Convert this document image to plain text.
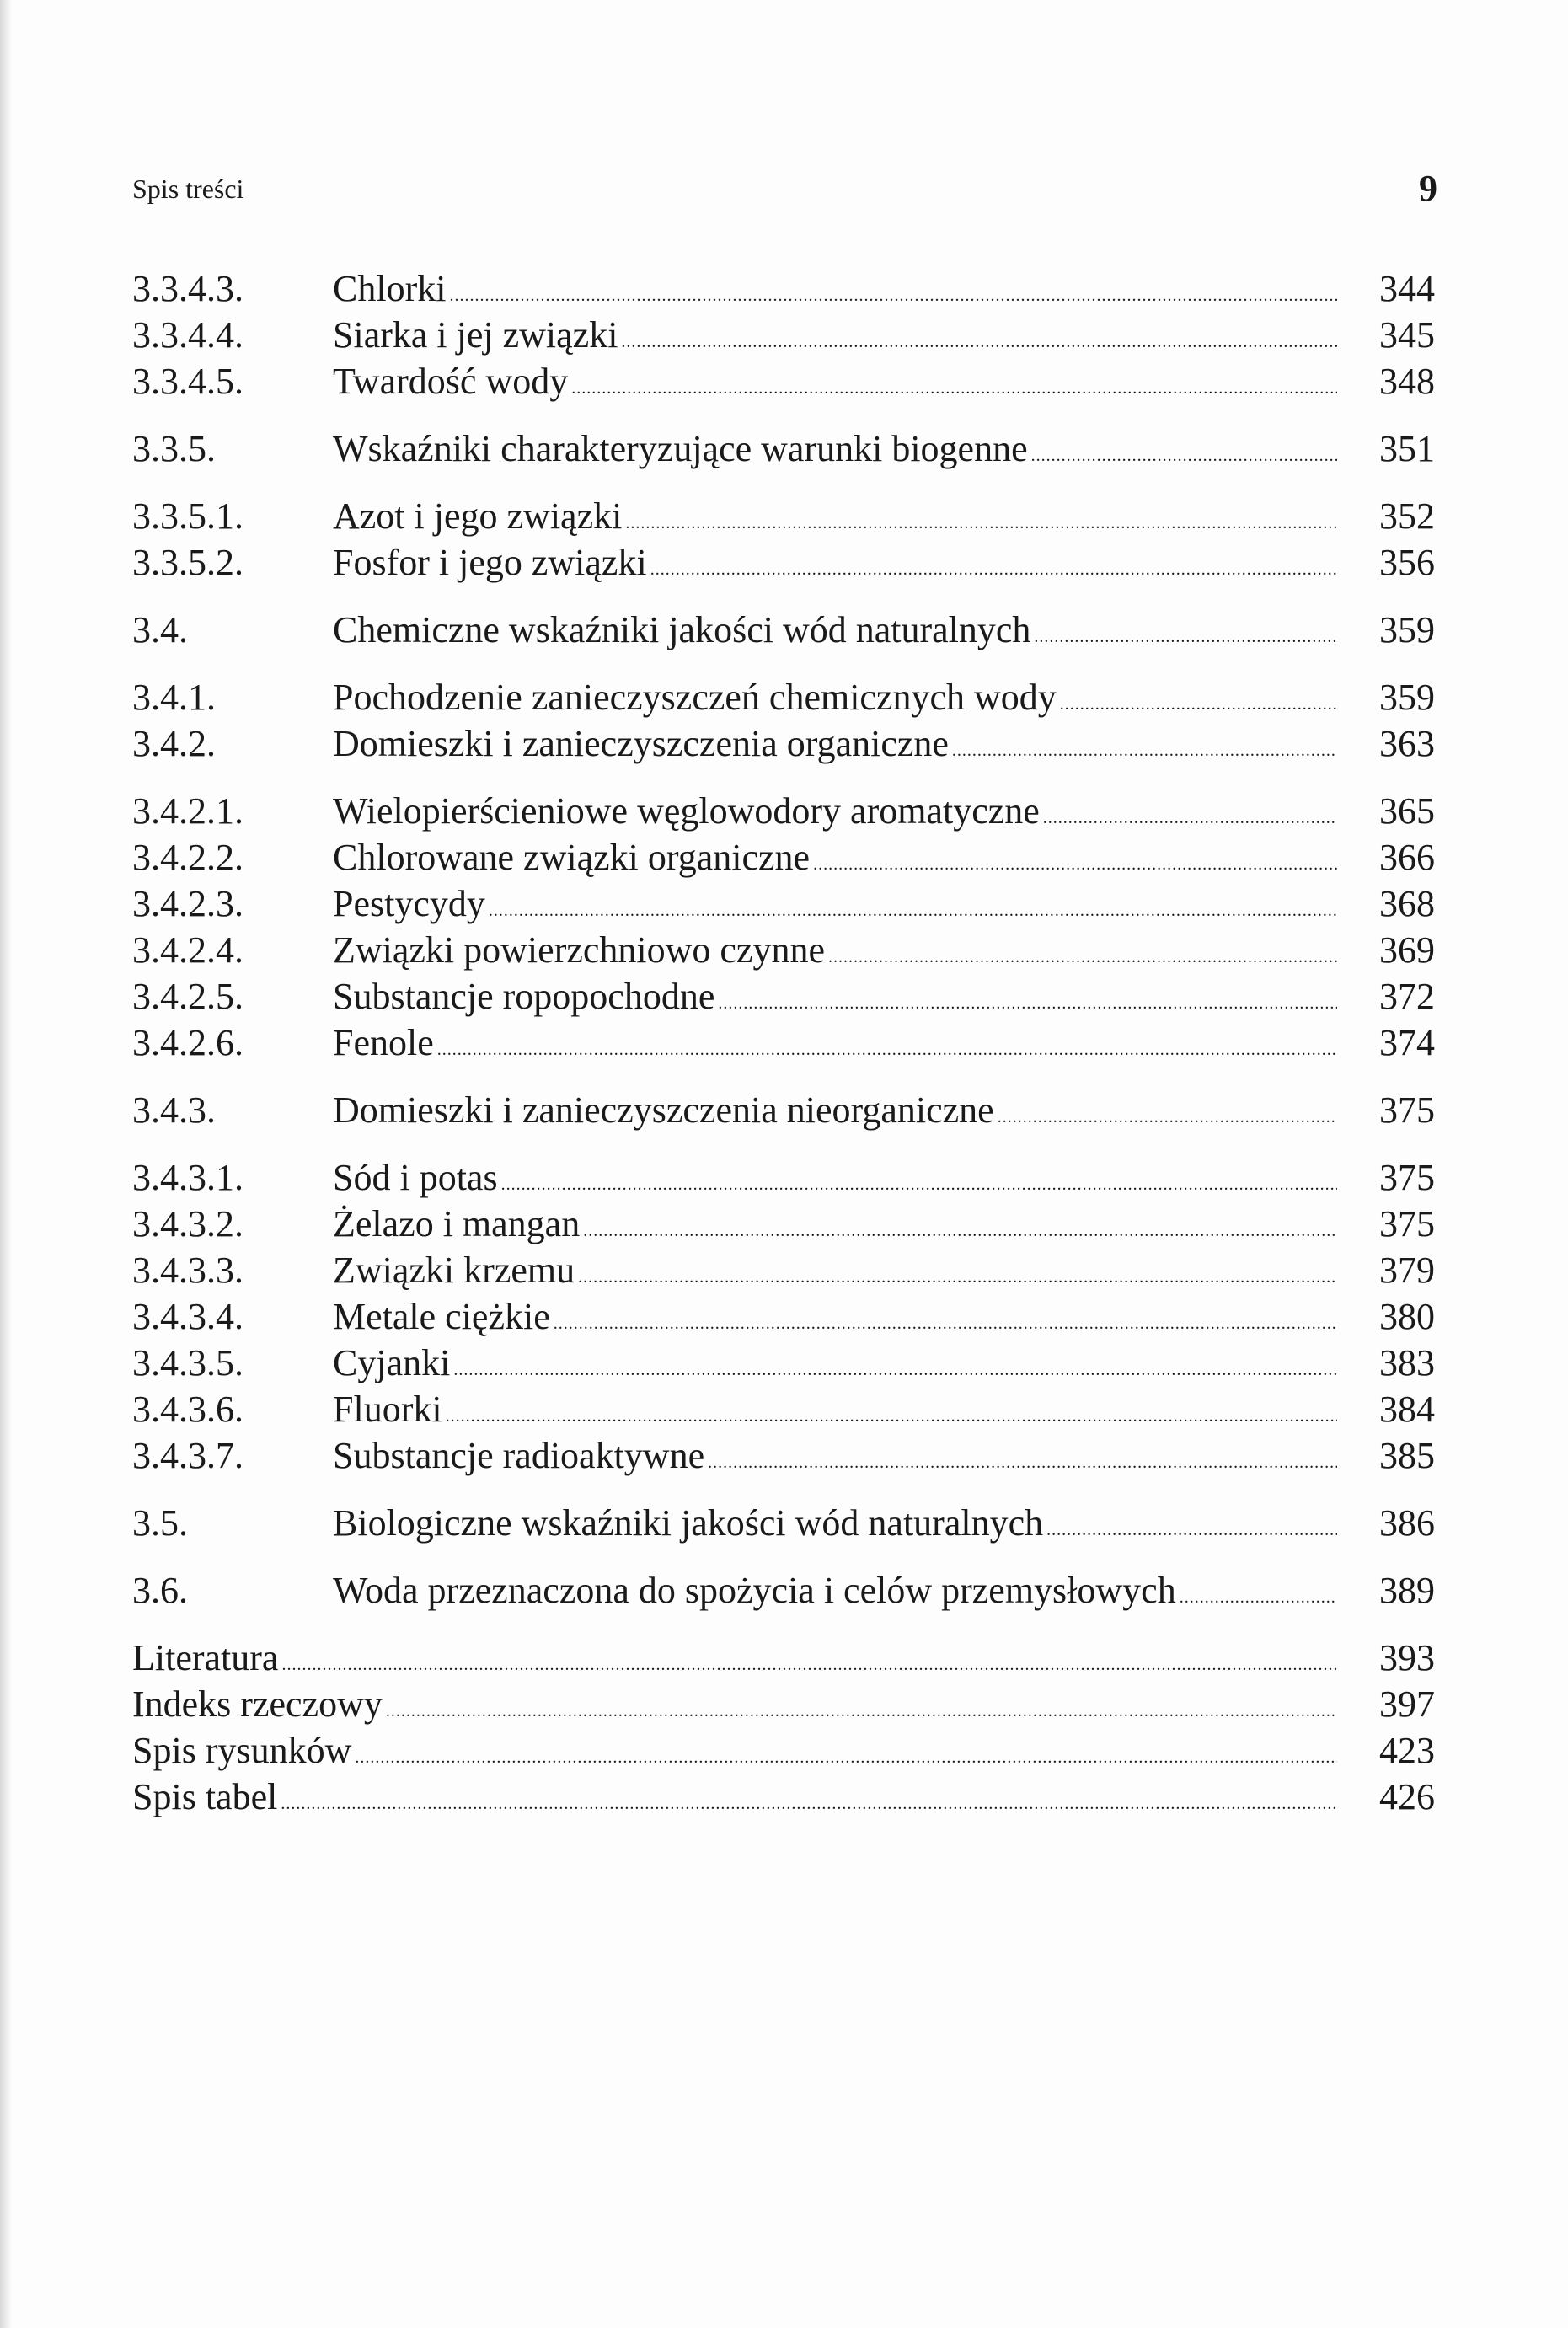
Spis treści	9
3.3.4.3.	Chlorki .....	344
3.3.4.4.	Siarka i jej związki .....	345
3.3.4.5.	Twardość wody .....	348
3.3.5.	Wskaźniki charakteryzujące warunki biogenne .....	351
3.3.5.1.	Azot i jego związki .....	352
3.3.5.2.	Fosfor i jego związki .....	356
3.4.	Chemiczne wskaźniki jakości wód naturalnych .....	359
3.4.1.	Pochodzenie zanieczyszczeń chemicznych wody .....	359
3.4.2.	Domieszki i zanieczyszczenia organiczne .....	363
3.4.2.1.	Wielopierścieniowe węglowodory aromatyczne .....	365
3.4.2.2.	Chlorowane związki organiczne .....	366
3.4.2.3.	Pestycydy .....	368
3.4.2.4.	Związki powierzchniowo czynne .....	369
3.4.2.5.	Substancje ropopochodne .....	372
3.4.2.6.	Fenole .....	374
3.4.3.	Domieszki i zanieczyszczenia nieorganiczne .....	375
3.4.3.1.	Sód i potas .....	375
3.4.3.2.	Żelazo i mangan .....	375
3.4.3.3.	Związki krzemu .....	379
3.4.3.4.	Metale ciężkie .....	380
3.4.3.5.	Cyjanki .....	383
3.4.3.6.	Fluorki .....	384
3.4.3.7.	Substancje radioaktywne .....	385
3.5.	Biologiczne wskaźniki jakości wód naturalnych .....	386
3.6.	Woda przeznaczona do spożycia i celów przemysłowych .....	389
Literatura .....	393
Indeks rzeczowy .....	397
Spis rysunków .....	423
Spis tabel .....	426
